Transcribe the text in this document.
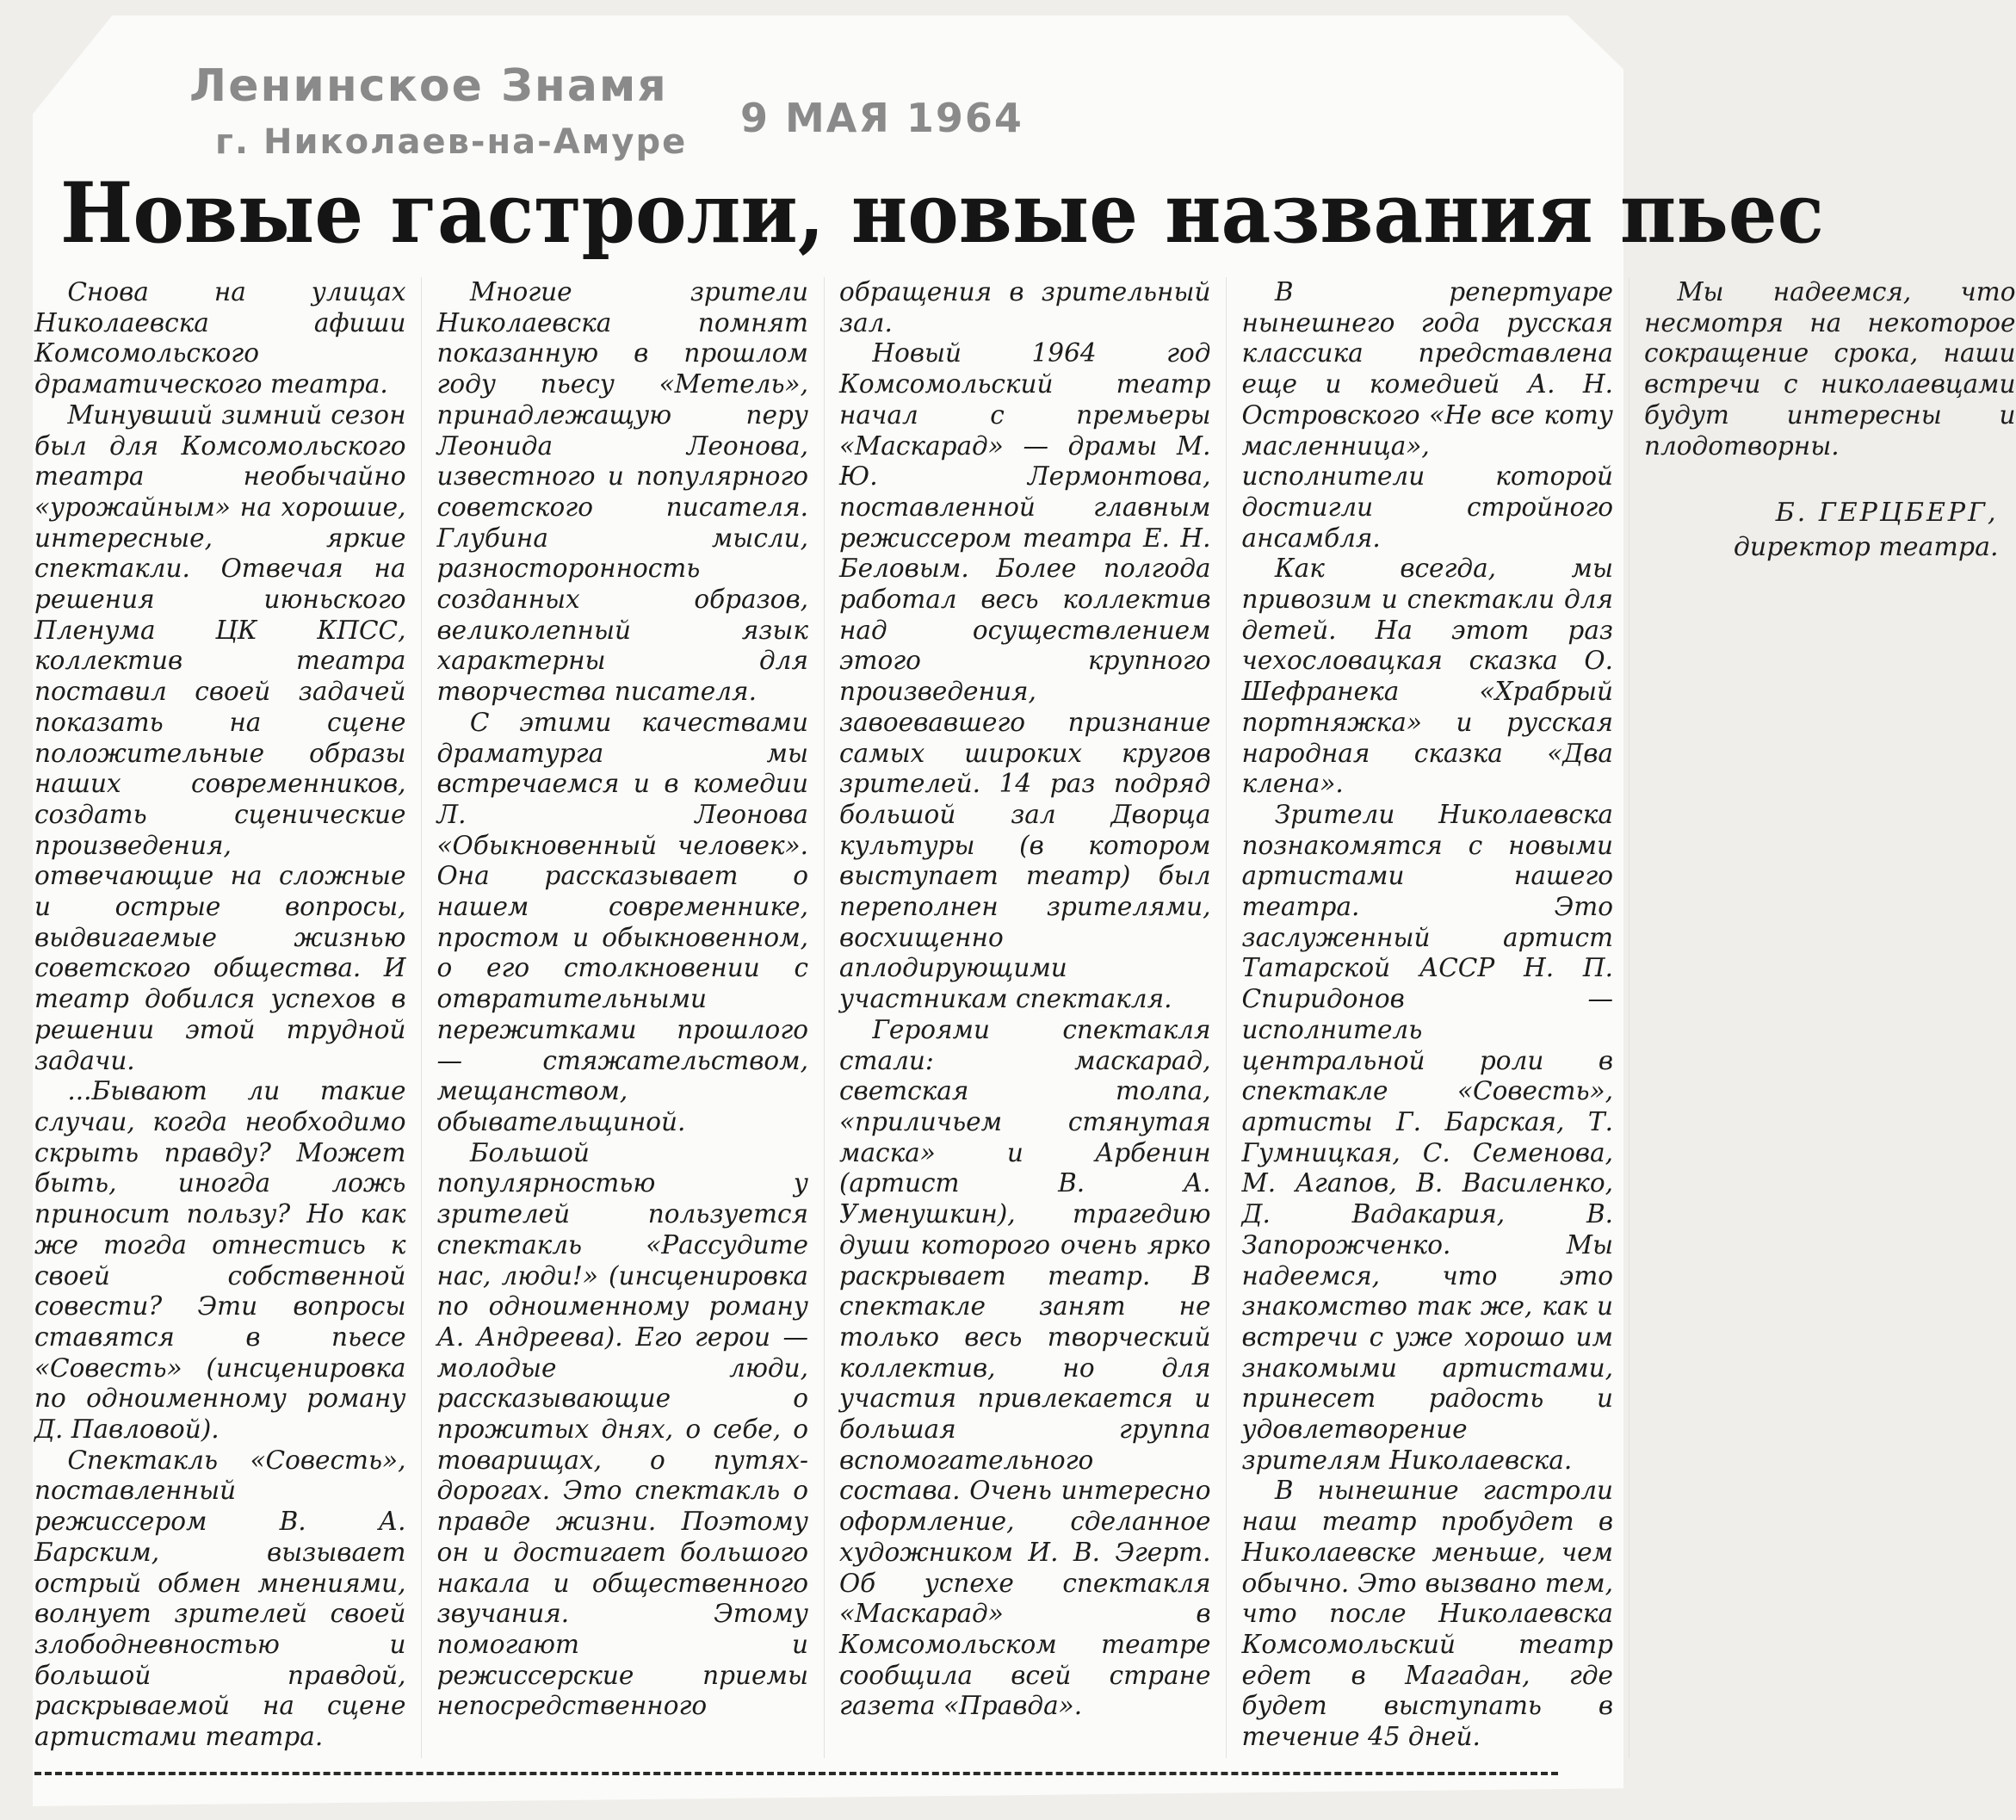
Ленинское Знамя
г. Николаев-на-Амуре
9 МАЯ 1964
Новые гастроли, новые названия пьес

Снова на улицах Николаевска афиши Комсомольского драматического театра.

Минувший зимний сезон был для Комсомольского театра необычайно «урожайным» на хорошие, интересные, яркие спектакли. Отвечая на решения июньского Пленума ЦК КПСС, коллектив театра поставил своей задачей показать на сцене положительные образы наших современников, создать сценические произведения, отвечающие на сложные и острые вопросы, выдвигаемые жизнью советского общества. И театр добился успехов в решении этой трудной задачи.

...Бывают ли такие случаи, когда необходимо скрыть правду? Может быть, иногда ложь приносит пользу? Но как же тогда отнестись к своей собственной совести? Эти вопросы ставятся в пьесе «Совесть» (инсценировка по одноименному роману Д. Павловой).

Спектакль «Совесть», поставленный режиссером В. А. Барским, вызывает острый обмен мнениями, волнует зрителей своей злободневностью и большой правдой, раскрываемой на сцене артистами театра.

Многие зрители Николаевска помнят показанную в прошлом году пьесу «Метель», принадлежащую перу Леонида Леонова, известного и популярного советского писателя. Глубина мысли, разносторонность созданных образов, великолепный язык характерны для творчества писателя.

С этими качествами драматурга мы встречаемся и в комедии Л. Леонова «Обыкновенный человек». Она рассказывает о нашем современнике, простом и обыкновенном, о его столкновении с отвратительными пережитками прошлого — стяжательством, мещанством, обывательщиной.

Большой популярностью у зрителей пользуется спектакль «Рассудите нас, люди!» (инсценировка по одноименному роману А. Андреева). Его герои — молодые люди, рассказывающие о прожитых днях, о себе, о товарищах, о путях-дорогах. Это спектакль о правде жизни. Поэтому он и достигает большого накала и общественного звучания. Этому помогают и режиссерские приемы непосредственного обращения в зрительный зал.

Новый 1964 год Комсомольский театр начал с премьеры «Маскарад» — драмы М. Ю. Лермонтова, поставленной главным режиссером театра Е. Н. Беловым. Более полгода работал весь коллектив над осуществлением этого крупного произведения, завоевавшего признание самых широких кругов зрителей. 14 раз подряд большой зал Дворца культуры (в котором выступает театр) был переполнен зрителями, восхищенно аплодирующими участникам спектакля.

Героями спектакля стали: маскарад, светская толпа, «приличьем стянутая маска» и Арбенин (артист В. А. Уменушкин), трагедию души которого очень ярко раскрывает театр. В спектакле занят не только весь творческий коллектив, но для участия привлекается и большая группа вспомогательного состава. Очень интересно оформление, сделанное художником И. В. Эгерт. Об успехе спектакля «Маскарад» в Комсомольском театре сообщила всей стране газета «Правда».

В репертуаре нынешнего года русская классика представлена еще и комедией А. Н. Островского «Не все коту масленница», исполнители которой достигли стройного ансамбля.

Как всегда, мы привозим и спектакли для детей. На этот раз чехословацкая сказка О. Шефранека «Храбрый портняжка» и русская народная сказка «Два клена».

Зрители Николаевска познакомятся с новыми артистами нашего театра. Это заслуженный артист Татарской АССР Н. П. Спиридонов — исполнитель центральной роли в спектакле «Совесть», артисты Г. Барская, Т. Гумницкая, С. Семенова, М. Агапов, В. Василенко, Д. Вадакария, В. Запорожченко. Мы надеемся, что это знакомство так же, как и встречи с уже хорошо им знакомыми артистами, принесет радость и удовлетворение зрителям Николаевска.

В нынешние гастроли наш театр пробудет в Николаевске меньше, чем обычно. Это вызвано тем, что после Николаевска Комсомольский театр едет в Магадан, где будет выступать в течение 45 дней.

Мы надеемся, что несмотря на некоторое сокращение срока, наши встречи с николаевцами будут интересны и плодотворны.

Б. ГЕРЦБЕРГ,
директор театра.
